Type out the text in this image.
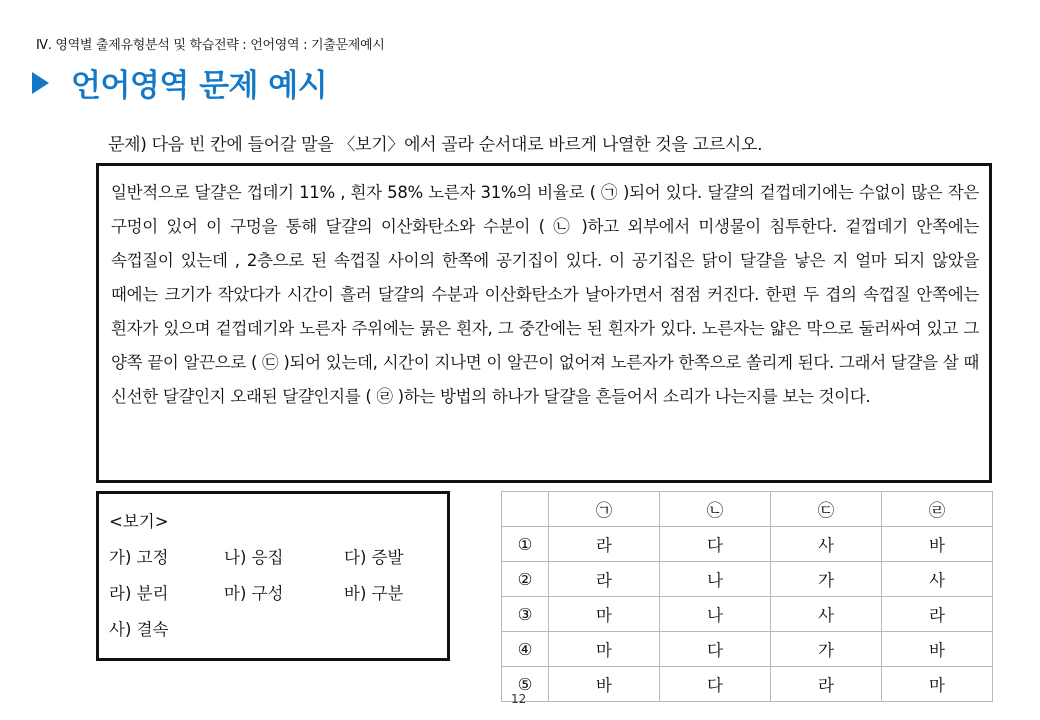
Ⅳ. 영역별 출제유형분석 및 학습전략 : 언어영역 : 기출문제예시
언어영역 문제 예시
문제) 다음 빈 칸에 들어갈 말을 〈보기〉에서 골라 순서대로 바르게 나열한 것을 고르시오.
일반적으로 달걀은 껍데기 11% , 흰자 58% 노른자 31%의 비율로 ( ㉠ )되어 있다. 달걀의 겉껍데기에는 수없이 많은 작은 구멍이 있어 이 구멍을 통해 달걀의 이산화탄소와 수분이 ( ㉡ )하고 외부에서 미생물이 침투한다. 겉껍데기 안쪽에는 속껍질이 있는데 , 2층으로 된 속껍질 사이의 한쪽에 공기집이 있다. 이 공기집은 닭이 달걀을 낳은 지 얼마 되지 않았을 때에는 크기가 작았다가 시간이 흘러 달걀의 수분과 이산화탄소가 날아가면서 점점 커진다. 한편 두 겹의 속껍질 안쪽에는 흰자가 있으며 겉껍데기와 노른자 주위에는 묽은 흰자, 그 중간에는 된 흰자가 있다. 노른자는 얇은 막으로 둘러싸여 있고 그 양쪽 끝이 알끈으로 ( ㉢ )되어 있는데, 시간이 지나면 이 알끈이 없어져 노른자가 한쪽으로 쏠리게 된다. 그래서 달걀을 살 때 신선한 달걀인지 오래된 달걀인지를 ( ㉣ )하는 방법의 하나가 달걀을 흔들어서 소리가 나는지를 보는 것이다.
<보기>
가) 고정	나) 응집	다) 증발
라) 분리	마) 구성	바) 구분
사) 결속
	㉠	㉡	㉢	㉣
①	라	다	사	바
②	라	나	가	사
③	마	나	사	라
④	마	다	가	바
⑤	바	다	라	마
12
